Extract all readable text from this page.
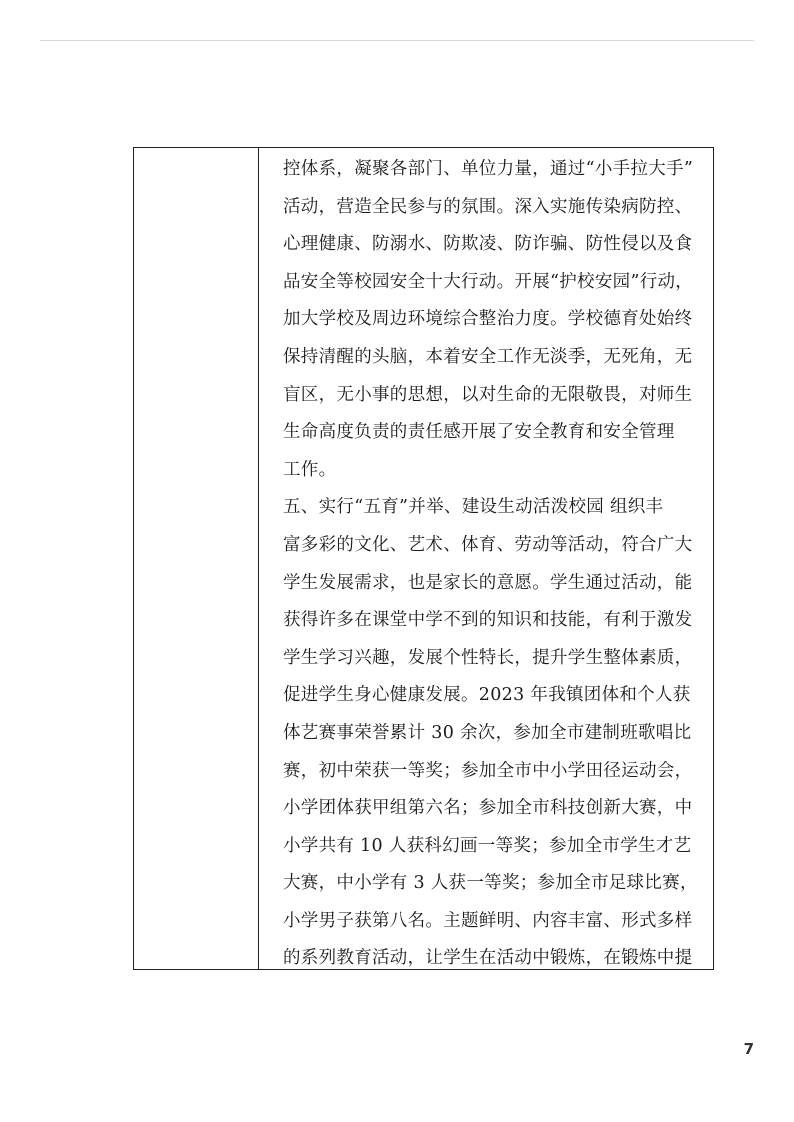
控体系，凝聚各部门、单位力量，通过“小手拉大手”
活动，营造全民参与的氛围。深入实施传染病防控、
心理健康、防溺水、防欺凌、防诈骗、防性侵以及食
品安全等校园安全十大行动。开展“护校安园”行动，
加大学校及周边环境综合整治力度。学校德育处始终
保持清醒的头脑，本着安全工作无淡季，无死角，无
盲区，无小事的思想，以对生命的无限敬畏，对师生
生命高度负责的责任感开展了安全教育和安全管理
工作。
五、实行“五育”并举、建设生动活泼校园 组织丰
富多彩的文化、艺术、体育、劳动等活动，符合广大
学生发展需求，也是家长的意愿。学生通过活动，能
获得许多在课堂中学不到的知识和技能，有利于激发
学生学习兴趣，发展个性特长，提升学生整体素质，
促进学生身心健康发展。2023 年我镇团体和个人获
体艺赛事荣誉累计 30 余次，参加全市建制班歌唱比
赛，初中荣获一等奖；参加全市中小学田径运动会，
小学团体获甲组第六名；参加全市科技创新大赛，中
小学共有 10 人获科幻画一等奖；参加全市学生才艺
大赛，中小学有 3 人获一等奖；参加全市足球比赛，
小学男子获第八名。主题鲜明、内容丰富、形式多样
的系列教育活动，让学生在活动中锻炼，在锻炼中提
7
